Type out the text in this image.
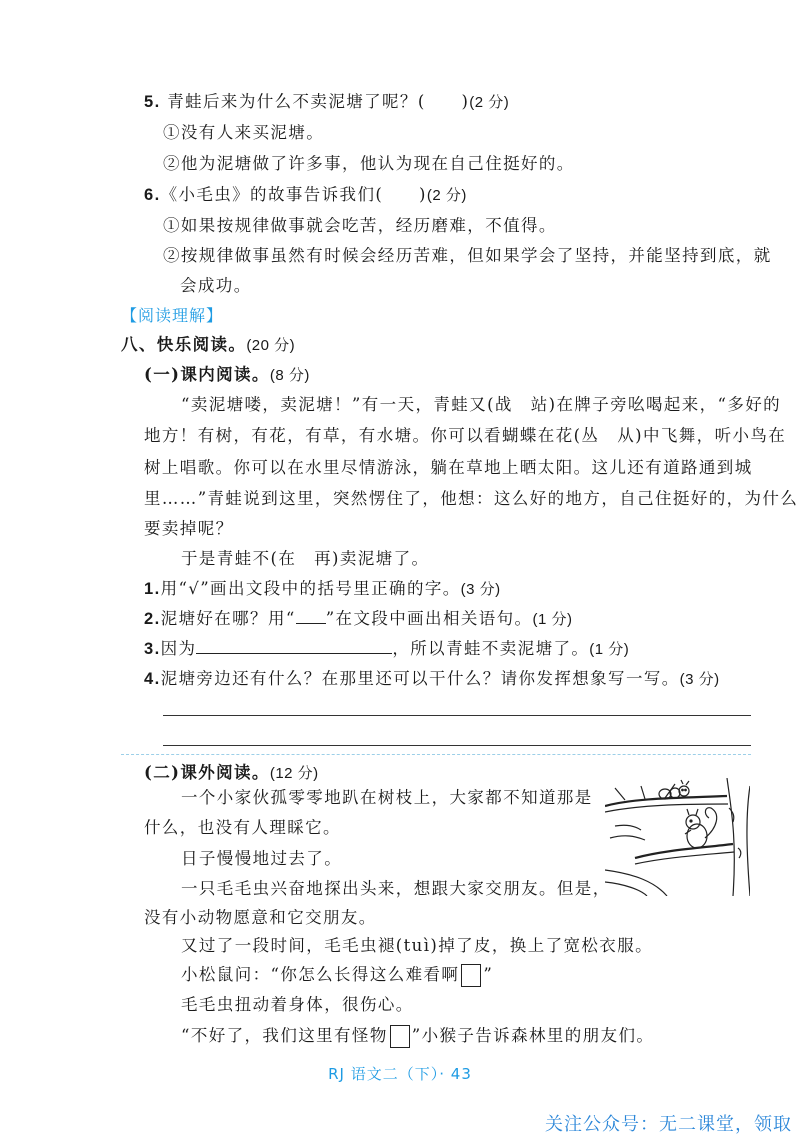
5. 青蛙后来为什么不卖泥塘了呢？(　　)(2 分)
①没有人来买泥塘。
②他为泥塘做了许多事，他认为现在自己住挺好的。
6.《小毛虫》的故事告诉我们(　　)(2 分)
①如果按规律做事就会吃苦，经历磨难，不值得。
②按规律做事虽然有时候会经历苦难，但如果学会了坚持，并能坚持到底，就
会成功。
【阅读理解】
八、快乐阅读。(20 分)
(一)课内阅读。(8 分)
“卖泥塘喽，卖泥塘！”有一天，青蛙又(战　站)在牌子旁吆喝起来，“多好的
地方！有树，有花，有草，有水塘。你可以看蝴蝶在花(丛　从)中飞舞，听小鸟在
树上唱歌。你可以在水里尽情游泳，躺在草地上晒太阳。这儿还有道路通到城
里……”青蛙说到这里，突然愣住了，他想：这么好的地方，自己住挺好的，为什么
要卖掉呢？
于是青蛙不(在　再)卖泥塘了。
1.用“√”画出文段中的括号里正确的字。(3 分)
2.泥塘好在哪？用“ ”在文段中画出相关语句。(1 分)
3.因为	，所以青蛙不卖泥塘了。(1 分)
4.泥塘旁边还有什么？在那里还可以干什么？请你发挥想象写一写。(3 分)
(二)课外阅读。(12 分)
一个小家伙孤零零地趴在树枝上，大家都不知道那是
什么，也没有人理睬它。
日子慢慢地过去了。
一只毛毛虫兴奋地探出头来，想跟大家交朋友。但是，
没有小动物愿意和它交朋友。
又过了一段时间，毛毛虫褪(tuì)掉了皮，换上了宽松衣服。
小松鼠问：“你怎么长得这么难看啊 ”
毛毛虫扭动着身体，很伤心。
“不好了，我们这里有怪物 ”小猴子告诉森林里的朋友们。
RJ 语文二（下）· 43
关注公众号：无二课堂，领取
